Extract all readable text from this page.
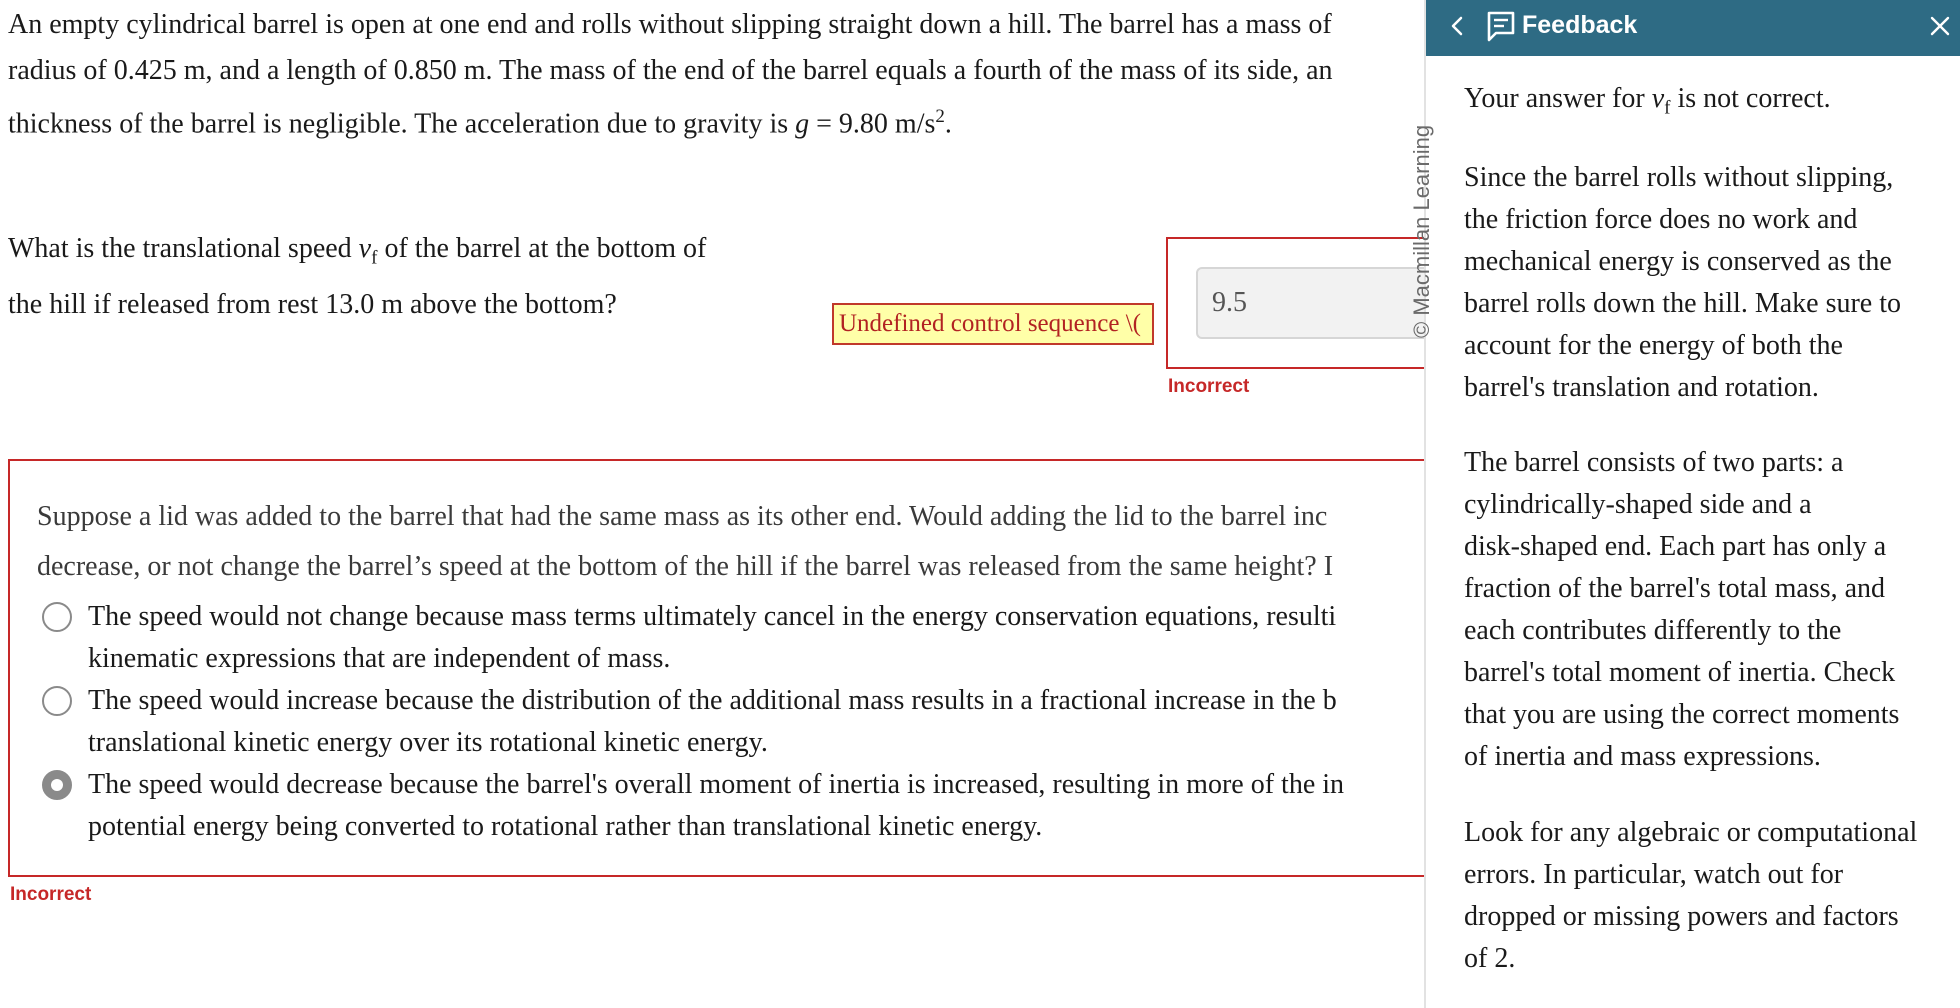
An empty cylindrical barrel is open at one end and rolls without slipping straight down a hill. The barrel has a mass of
radius of 0.425 m, and a length of 0.850 m. The mass of the end of the barrel equals a fourth of the mass of its side, an
thickness of the barrel is negligible. The acceleration due to gravity is g = 9.80 $m/s^2$.
What is the translational speed $v_f$ of the barrel at the bottom of
the hill if released from rest 13.0 m above the bottom?
Undefined control sequence \(
9.5
Incorrect
Suppose a lid was added to the barrel that had the same mass as its other end. Would adding the lid to the barrel inc
decrease, or not change the barrel’s speed at the bottom of the hill if the barrel was released from the same height? I
The speed would not change because mass terms ultimately cancel in the energy conservation equations, resulti
kinematic expressions that are independent of mass.
The speed would increase because the distribution of the additional mass results in a fractional increase in the b
translational kinetic energy over its rotational kinetic energy.
The speed would decrease because the barrel's overall moment of inertia is increased, resulting in more of the in
potential energy being converted to rotational rather than translational kinetic energy.
Incorrect
Feedback
© Macmillan Learning
Your answer for $v_f$ is not correct.
Since the barrel rolls without slipping,
the friction force does no work and
mechanical energy is conserved as the
barrel rolls down the hill. Make sure to
account for the energy of both the
barrel's translation and rotation.
The barrel consists of two parts: a
cylindrically-shaped side and a
disk-shaped end. Each part has only a
fraction of the barrel's total mass, and
each contributes differently to the
barrel's total moment of inertia. Check
that you are using the correct moments
of inertia and mass expressions.
Look for any algebraic or computational
errors. In particular, watch out for
dropped or missing powers and factors
of 2.
